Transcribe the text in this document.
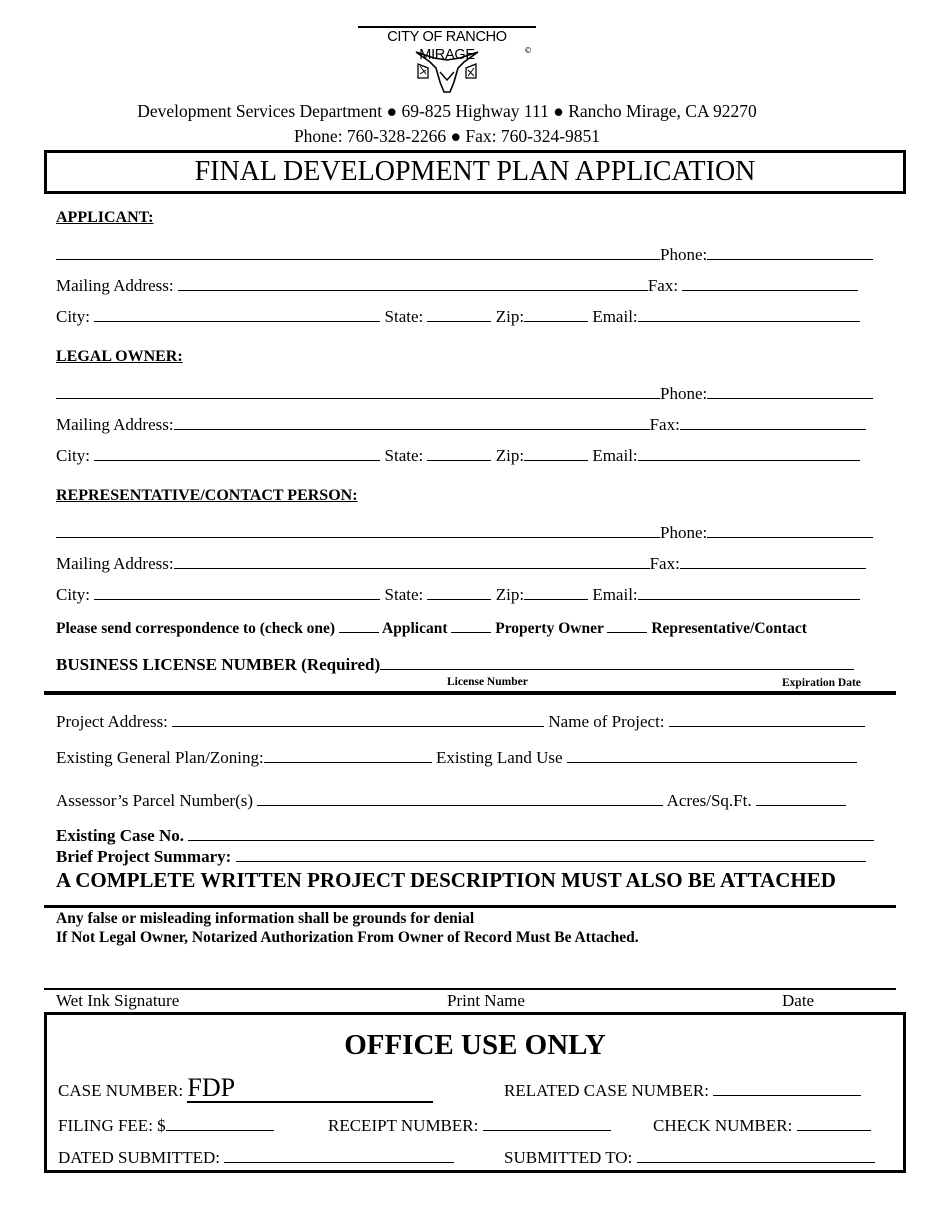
CITY OF RANCHO MIRAGE	©
Development Services Department ● 69-825 Highway 111 ● Rancho Mirage, CA 92270
Phone: 760-328-2266 ● Fax: 760-324-9851
FINAL DEVELOPMENT PLAN APPLICATION
APPLICANT:
Phone:
Mailing Address:	Fax:
City:	State:	Zip:	Email:
LEGAL OWNER:
Phone:
Mailing Address:	Fax:
City:	State:	Zip:	Email:
REPRESENTATIVE/CONTACT PERSON:
Phone:
Mailing Address:	Fax:
City:	State:	Zip:	Email:
Please send correspondence to (check one)	Applicant	Property Owner	Representative/Contact
BUSINESS LICENSE NUMBER (Required)
License Number	Expiration Date
Project Address:	Name of Project:
Existing General Plan/Zoning:	Existing Land Use
Assessor’s Parcel Number(s)	Acres/Sq.Ft.
Existing Case No.
Brief Project Summary:
A COMPLETE WRITTEN PROJECT DESCRIPTION MUST ALSO BE ATTACHED
Any false or misleading information shall be grounds for denial
If Not Legal Owner, Notarized Authorization From Owner of Record Must Be Attached.
Wet Ink Signature	Print Name	Date
OFFICE USE ONLY
CASE NUMBER: FDP	RELATED CASE NUMBER:
FILING FEE: $	RECEIPT NUMBER:	CHECK NUMBER:
DATED SUBMITTED:	SUBMITTED TO:
